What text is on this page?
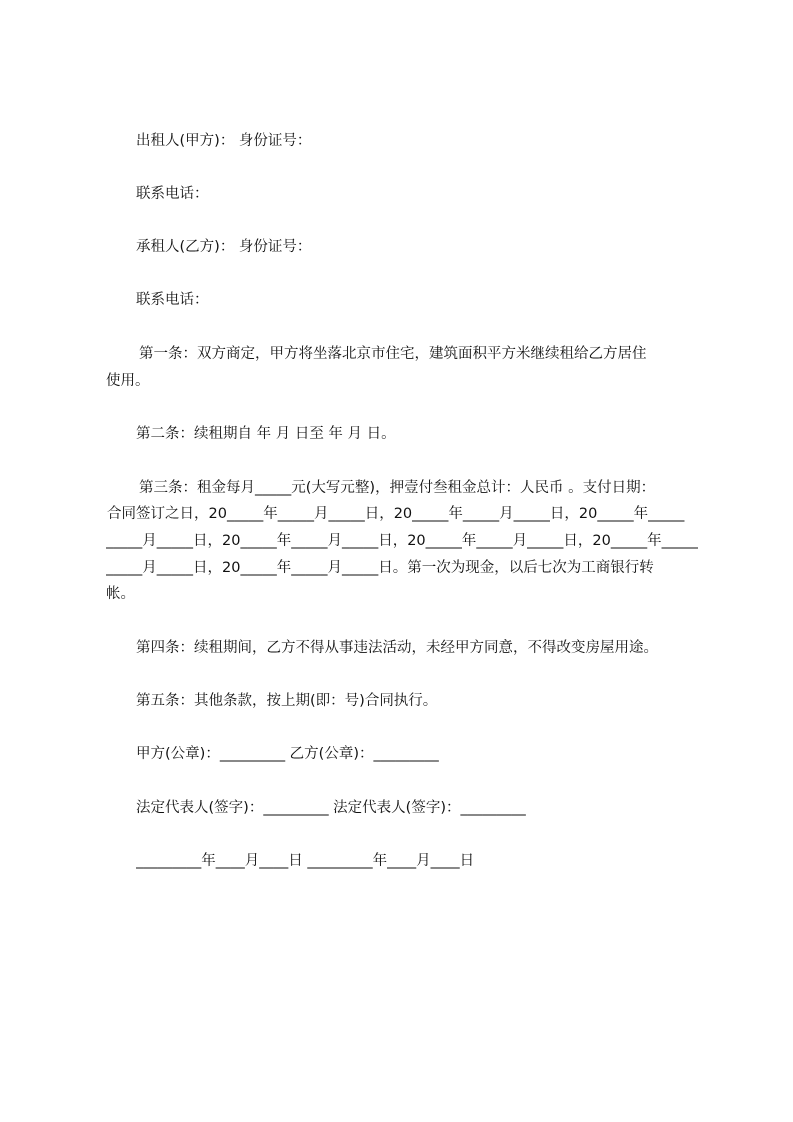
出租人(甲方)： 身份证号：
联系电话：
承租人(乙方)： 身份证号：
联系电话：
第一条：双方商定，甲方将坐落北京市住宅，建筑面积平方米继续租给乙方居住
使用。
第二条：续租期自 年 月 日至 年 月 日。
第三条：租金每月_____元(大写元整)，押壹付叁租金总计：人民币 。支付日期：
合同签订之日，20_____年_____月_____日，20_____年_____月_____日，20_____年_____
_____月_____日，20_____年_____月_____日，20_____年_____月_____日，20_____年_____
_____月_____日，20_____年_____月_____日。第一次为现金，以后七次为工商银行转
帐。
第四条：续租期间，乙方不得从事违法活动，未经甲方同意，不得改变房屋用途。
第五条：其他条款，按上期(即：号)合同执行。
甲方(公章)：_________ 乙方(公章)：_________
法定代表人(签字)：_________ 法定代表人(签字)：_________
_________年____月____日 _________年____月____日
